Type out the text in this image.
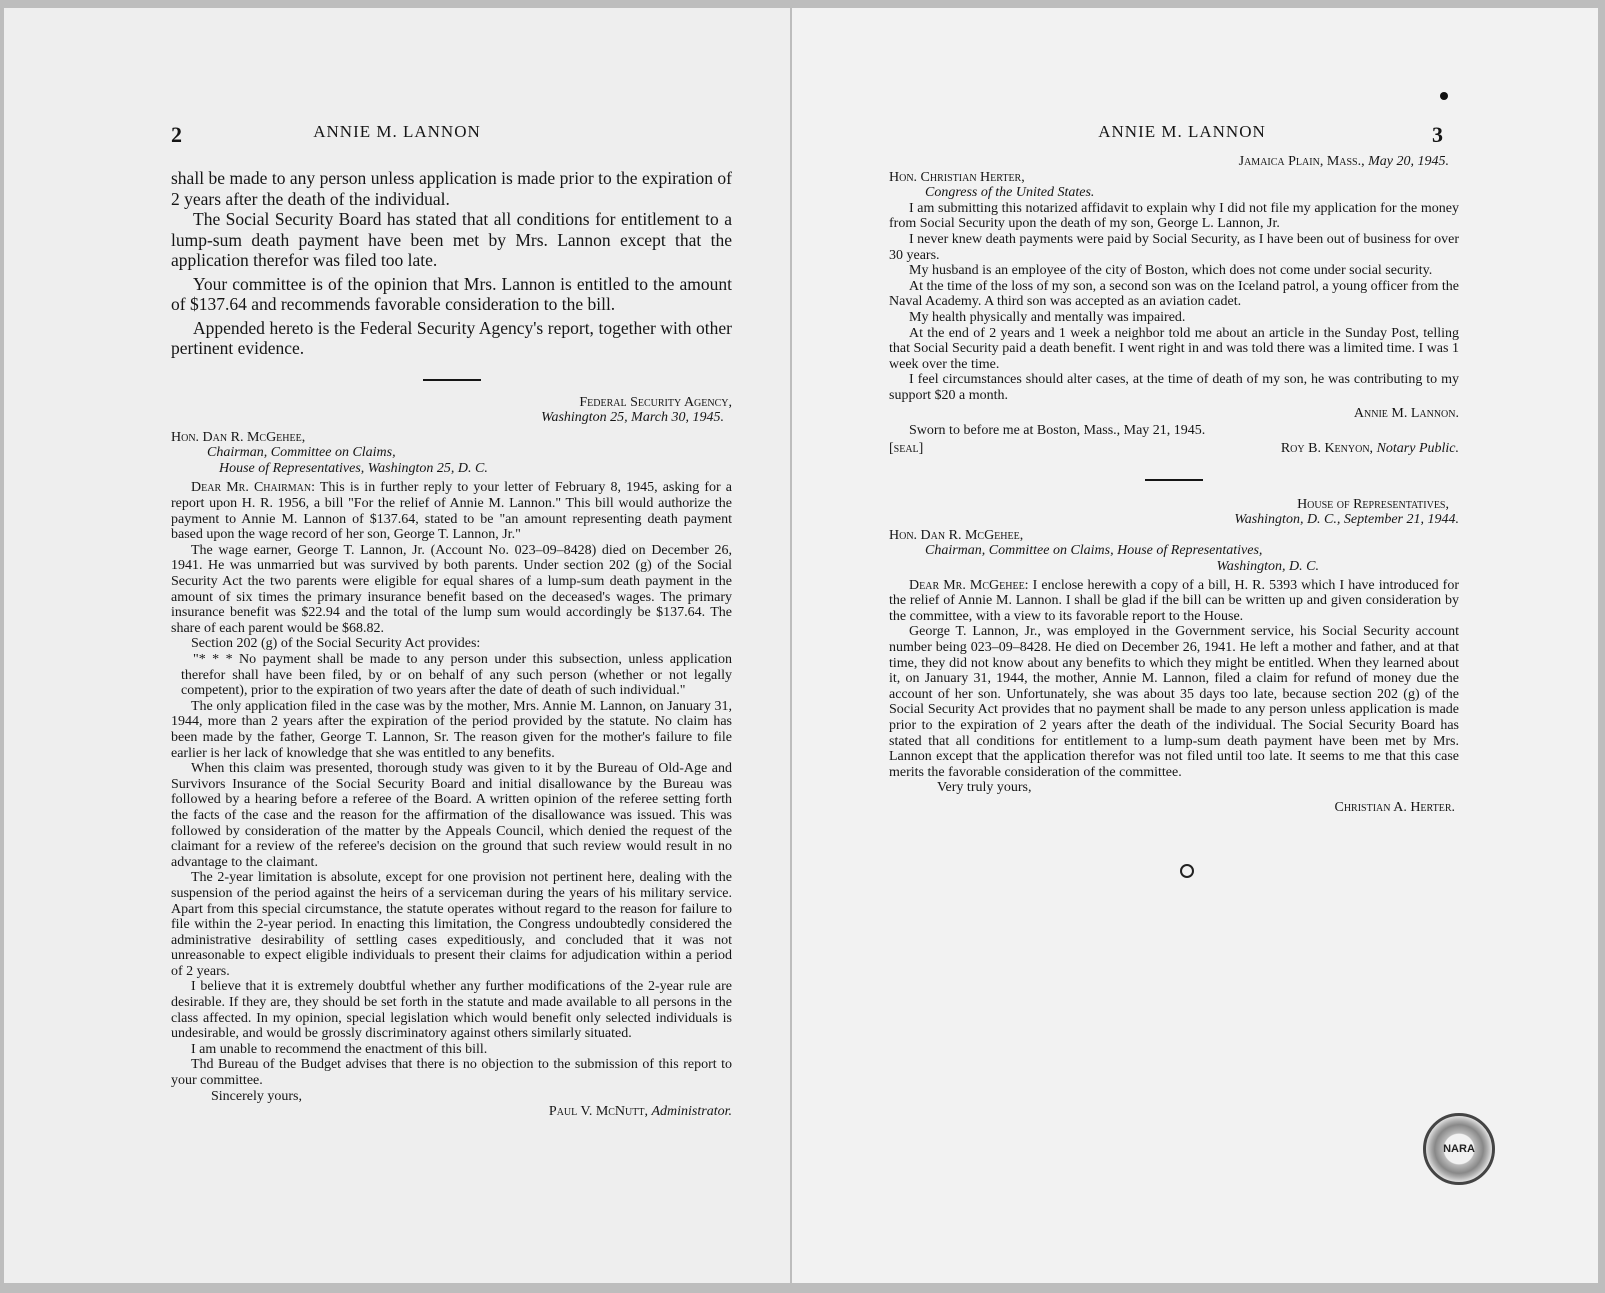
2	ANNIE M. LANNON

shall be made to any person unless application is made prior to the expiration of 2 years after the death of the individual.

The Social Security Board has stated that all conditions for entitlement to a lump-sum death payment have been met by Mrs. Lannon except that the application therefor was filed too late.

Your committee is of the opinion that Mrs. Lannon is entitled to the amount of $137.64 and recommends favorable consideration to the bill.

Appended hereto is the Federal Security Agency's report, together with other pertinent evidence.

Federal Security Agency,

Washington 25, March 30, 1945.

Hon. Dan R. McGehee,

Chairman, Committee on Claims,

House of Representatives, Washington 25, D. C.

Dear Mr. Chairman: This is in further reply to your letter of February 8, 1945, asking for a report upon H. R. 1956, a bill "For the relief of Annie M. Lannon." This bill would authorize the payment to Annie M. Lannon of $137.64, stated to be "an amount representing death payment based upon the wage record of her son, George T. Lannon, Jr."

The wage earner, George T. Lannon, Jr. (Account No. 023–09–8428) died on December 26, 1941. He was unmarried but was survived by both parents. Under section 202 (g) of the Social Security Act the two parents were eligible for equal shares of a lump-sum death payment in the amount of six times the primary insurance benefit based on the deceased's wages. The primary insurance benefit was $22.94 and the total of the lump sum would accordingly be $137.64. The share of each parent would be $68.82.

Section 202 (g) of the Social Security Act provides:

"* * * No payment shall be made to any person under this subsection, unless application therefor shall have been filed, by or on behalf of any such person (whether or not legally competent), prior to the expiration of two years after the date of death of such individual."

The only application filed in the case was by the mother, Mrs. Annie M. Lannon, on January 31, 1944, more than 2 years after the expiration of the period provided by the statute. No claim has been made by the father, George T. Lannon, Sr. The reason given for the mother's failure to file earlier is her lack of knowledge that she was entitled to any benefits.

When this claim was presented, thorough study was given to it by the Bureau of Old-Age and Survivors Insurance of the Social Security Board and initial disallowance by the Bureau was followed by a hearing before a referee of the Board. A written opinion of the referee setting forth the facts of the case and the reason for the affirmation of the disallowance was issued. This was followed by consideration of the matter by the Appeals Council, which denied the request of the claimant for a review of the referee's decision on the ground that such review would result in no advantage to the claimant.

The 2-year limitation is absolute, except for one provision not pertinent here, dealing with the suspension of the period against the heirs of a serviceman during the years of his military service. Apart from this special circumstance, the statute operates without regard to the reason for failure to file within the 2-year period. In enacting this limitation, the Congress undoubtedly considered the administrative desirability of settling cases expeditiously, and concluded that it was not unreasonable to expect eligible individuals to present their claims for adjudication within a period of 2 years.

I believe that it is extremely doubtful whether any further modifications of the 2-year rule are desirable. If they are, they should be set forth in the statute and made available to all persons in the class affected. In my opinion, special legislation which would benefit only selected individuals is undesirable, and would be grossly discriminatory against others similarly situated.

I am unable to recommend the enactment of this bill.

Thd Bureau of the Budget advises that there is no objection to the submission of this report to your committee.

Sincerely yours,

Paul V. McNutt, Administrator.

ANNIE M. LANNON	3

Jamaica Plain, Mass., May 20, 1945.

Hon. Christian Herter,

Congress of the United States.

I am submitting this notarized affidavit to explain why I did not file my application for the money from Social Security upon the death of my son, George L. Lannon, Jr.

I never knew death payments were paid by Social Security, as I have been out of business for over 30 years.

My husband is an employee of the city of Boston, which does not come under social security.

At the time of the loss of my son, a second son was on the Iceland patrol, a young officer from the Naval Academy. A third son was accepted as an aviation cadet.

My health physically and mentally was impaired.

At the end of 2 years and 1 week a neighbor told me about an article in the Sunday Post, telling that Social Security paid a death benefit. I went right in and was told there was a limited time. I was 1 week over the time.

I feel circumstances should alter cases, at the time of death of my son, he was contributing to my support $20 a month.

Annie M. Lannon.

Sworn to before me at Boston, Mass., May 21, 1945.

[seal]	Roy B. Kenyon, Notary Public.

House of Representatives,

Washington, D. C., September 21, 1944.

Hon. Dan R. McGehee,

Chairman, Committee on Claims, House of Representatives,

Washington, D. C.

Dear Mr. McGehee: I enclose herewith a copy of a bill, H. R. 5393 which I have introduced for the relief of Annie M. Lannon. I shall be glad if the bill can be written up and given consideration by the committee, with a view to its favorable report to the House.

George T. Lannon, Jr., was employed in the Government service, his Social Security account number being 023–09–8428. He died on December 26, 1941. He left a mother and father, and at that time, they did not know about any benefits to which they might be entitled. When they learned about it, on January 31, 1944, the mother, Annie M. Lannon, filed a claim for refund of money due the account of her son. Unfortunately, she was about 35 days too late, because section 202 (g) of the Social Security Act provides that no payment shall be made to any person unless application is made prior to the expiration of 2 years after the death of the individual. The Social Security Board has stated that all conditions for entitlement to a lump-sum death payment have been met by Mrs. Lannon except that the application therefor was not filed until too late. It seems to me that this case merits the favorable consideration of the committee.

Very truly yours,

Christian A. Herter.

NARA
